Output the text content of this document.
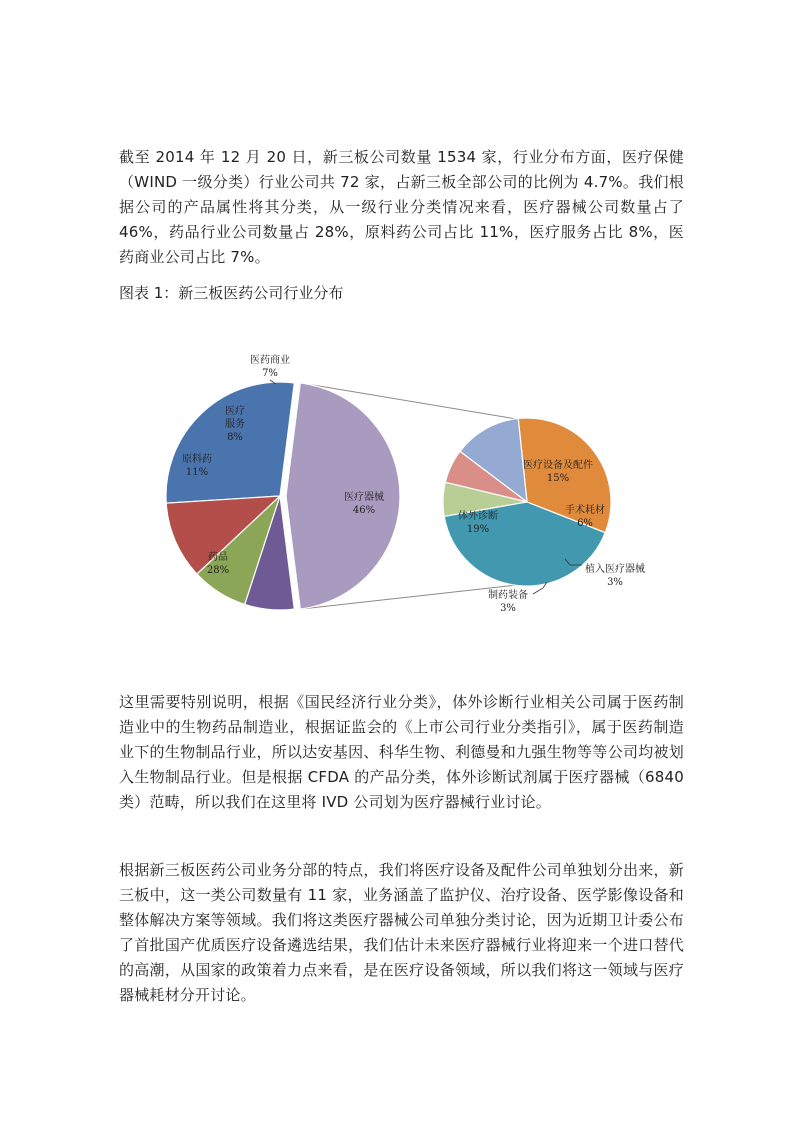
截至 2014 年 12 月 20 日，新三板公司数量 1534 家，行业分布方面，医疗保健（WIND 一级分类）行业公司共 72 家，占新三板全部公司的比例为 4.7%。我们根据公司的产品属性将其分类，从一级行业分类情况来看，医疗器械公司数量占了 46%，药品行业公司数量占 28%，原料药公司占比 11%，医疗服务占比 8%，医药商业公司占比 7%。

图表 1：新三板医药公司行业分布

医疗器械 46%
药品 28%
原料药 11%
医疗服务 8%
医药商业 7%
医疗设备及配件 15%
手术耗材 6%
植入医疗器械 3%
制药装备 3%
体外诊断 19%

这里需要特别说明，根据《国民经济行业分类》，体外诊断行业相关公司属于医药制造业中的生物药品制造业，根据证监会的《上市公司行业分类指引》，属于医药制造业下的生物制品行业，所以达安基因、科华生物、利德曼和九强生物等等公司均被划入生物制品行业。但是根据 CFDA 的产品分类，体外诊断试剂属于医疗器械（6840 类）范畴，所以我们在这里将 IVD 公司划为医疗器械行业讨论。

根据新三板医药公司业务分部的特点，我们将医疗设备及配件公司单独划分出来，新三板中，这一类公司数量有 11 家，业务涵盖了监护仪、治疗设备、医学影像设备和整体解决方案等领域。我们将这类医疗器械公司单独分类讨论，因为近期卫计委公布了首批国产优质医疗设备遴选结果，我们估计未来医疗器械行业将迎来一个进口替代的高潮，从国家的政策着力点来看，是在医疗设备领域，所以我们将这一领域与医疗器械耗材分开讨论。
